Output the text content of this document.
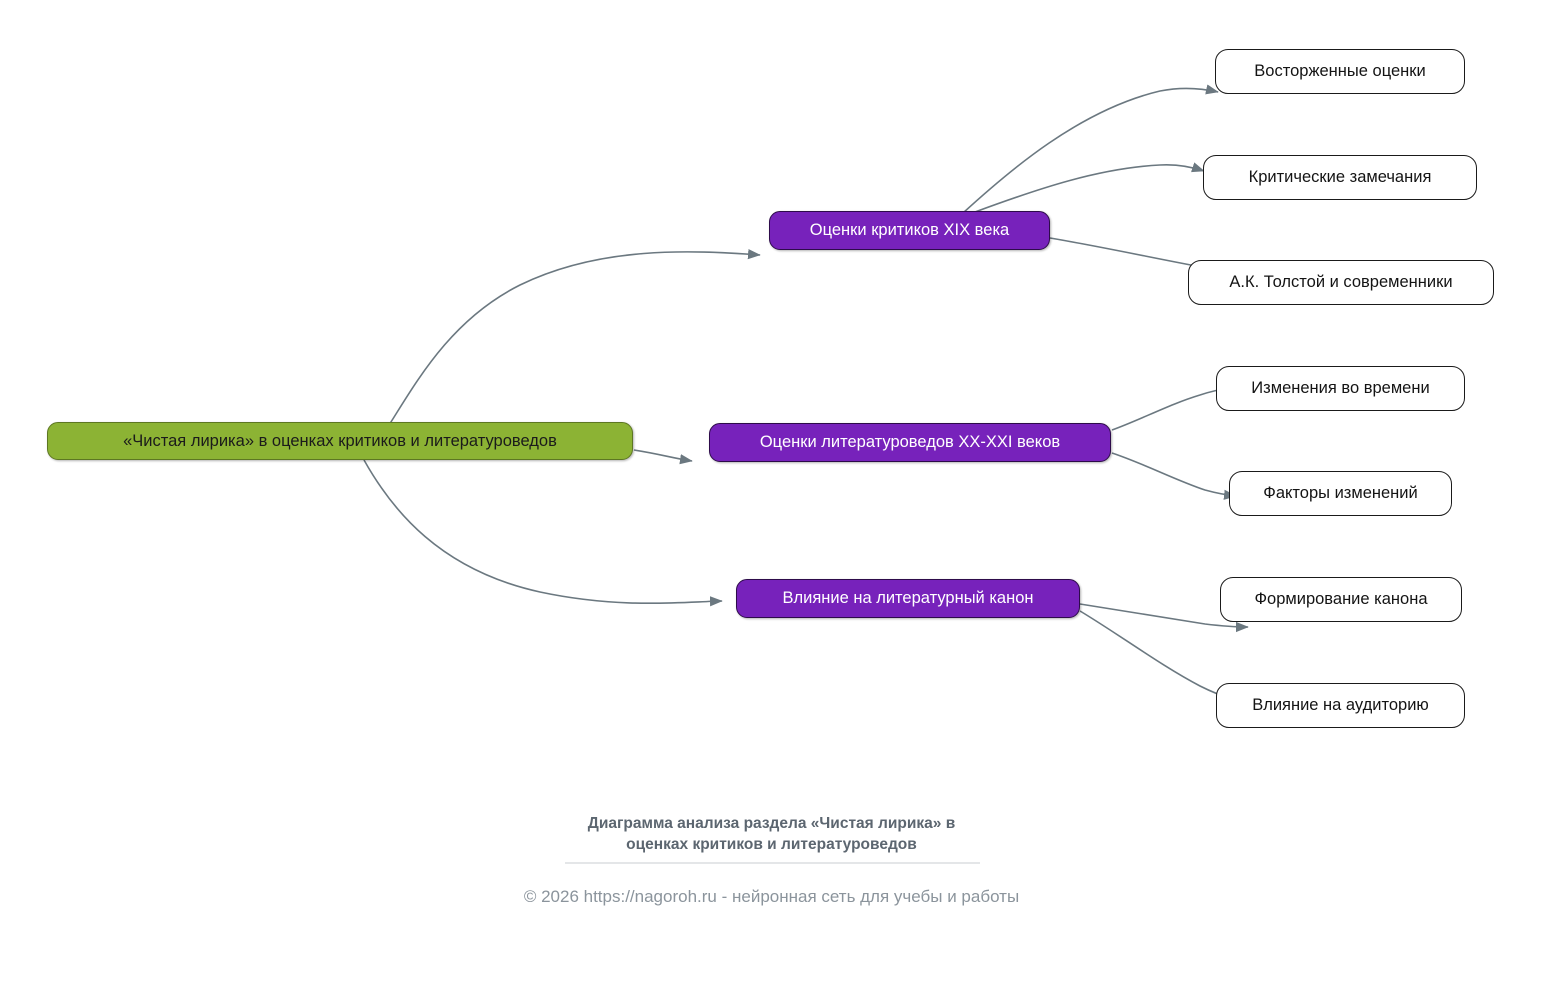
«Чистая лирика» в оценках критиков и литературоведов
Оценки критиков XIX века
Оценки литературоведов XX-XXI веков
Влияние на литературный канон
Восторженные оценки
Критические замечания
А.К. Толстой и современники
Изменения во времени
Факторы изменений
Формирование канона
Влияние на аудиторию
Диаграмма анализа раздела «Чистая лирика» в
оценках критиков и литературоведов
© 2026 https://nagoroh.ru - нейронная сеть для учебы и работы
